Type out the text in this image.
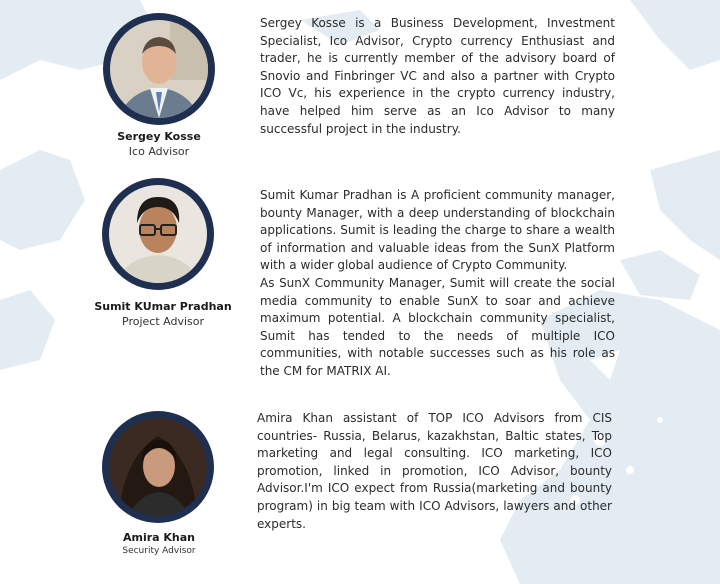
Sergey Kosse
Ico Advisor
Sergey Kosse is a Business Development, Investment Specialist, Ico Advisor, Crypto currency Enthusiast and trader, he is currently member of the advisory board of Snovio and Finbringer VC and also a partner with Crypto ICO Vc, his experience in the crypto currency industry, have helped him serve as an Ico Advisor to many successful project in the industry.
Sumit KUmar Pradhan
Project Advisor
Sumit Kumar Pradhan is A proficient community manager, bounty Manager, with a deep understanding of blockchain applications. Sumit is leading the charge to share a wealth of information and valuable ideas from the SunX Platform with a wider global audience of Crypto Community.
As SunX Community Manager, Sumit will create the social media community to enable SunX to soar and achieve maximum potential. A blockchain community specialist, Sumit has tended to the needs of multiple ICO communities, with notable successes such as his role as the CM for MATRIX AI.
Amira Khan
Security Advisor
Amira Khan assistant of TOP ICO Advisors from CIS countries- Russia, Belarus, kazakhstan, Baltic states, Top marketing and legal consulting. ICO marketing, ICO promotion, linked in promotion, ICO Advisor, bounty Advisor.I'm ICO expect from Russia(marketing and bounty program) in big team with ICO Advisors, lawyers and other experts.
